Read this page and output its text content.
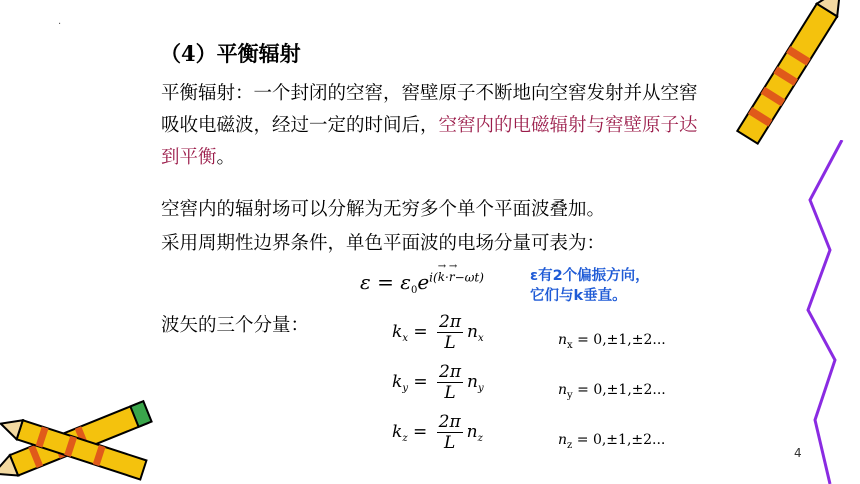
.
（4）平衡辐射
平衡辐射：一个封闭的空窖，窖壁原子不断地向空窖发射并从空窖吸收电磁波，经过一定的时间后，空窖内的电磁辐射与窖壁原子达到平衡。
空窖内的辐射场可以分解为无穷多个单个平面波叠加。
采用周期性边界条件，单色平面波的电场分量可表为：
$\varepsilon = \varepsilon_0e^{i(k \to \cdot r \to -\omega t)}$	ε有2个偏振方向，
它们与k垂直。
波矢的三个分量：	$k_x = \frac{2\pi}{L} n_x$
$k_y = \frac{2\pi}{L} n_y$
$k_z = \frac{2\pi}{L} n_z$
$n_x = 0,\pm 1,\pm 2$...
$n_y = 0,\pm 1,\pm 2$...
$n_z = 0,\pm 1,\pm 2$...
4
